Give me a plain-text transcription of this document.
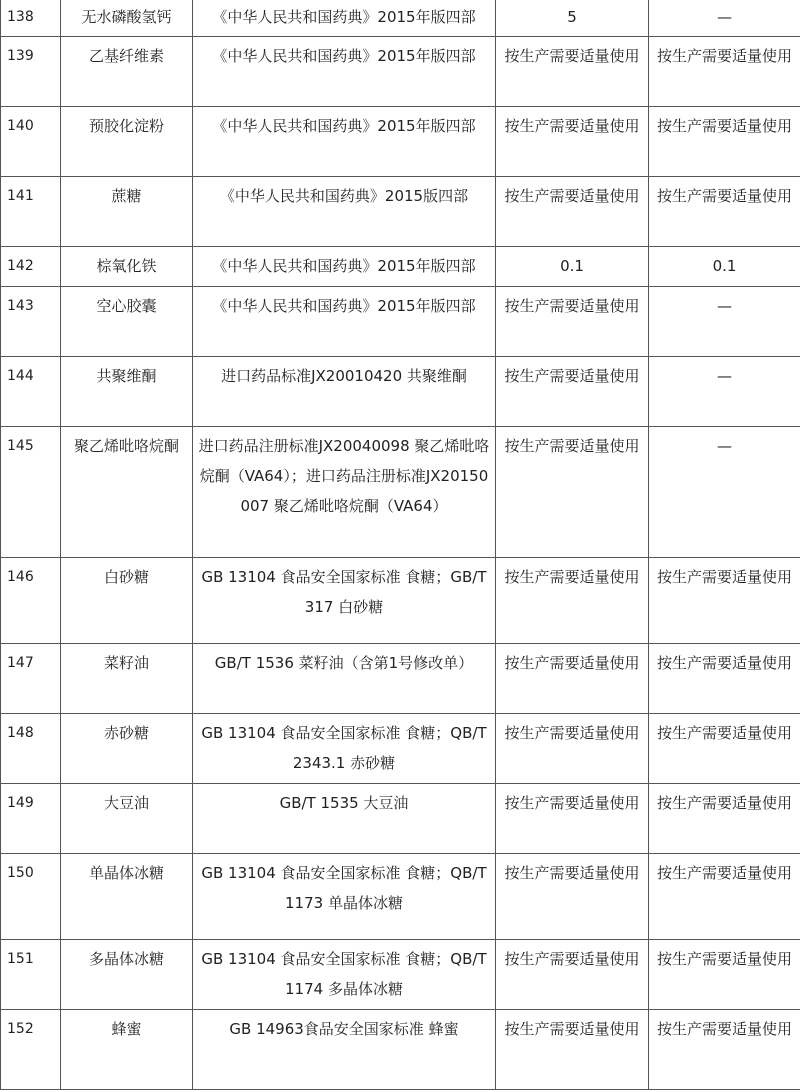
138	无水磷酸氢钙	《中华人民共和国药典》2015年版四部	5	—
139	乙基纤维素	《中华人民共和国药典》2015年版四部	按生产需要适量使用	按生产需要适量使用
140	预胶化淀粉	《中华人民共和国药典》2015年版四部	按生产需要适量使用	按生产需要适量使用
141	蔗糖	《中华人民共和国药典》2015版四部	按生产需要适量使用	按生产需要适量使用
142	棕氧化铁	《中华人民共和国药典》2015年版四部	0.1	0.1
143	空心胶囊	《中华人民共和国药典》2015年版四部	按生产需要适量使用	—
144	共聚维酮	进口药品标准JX20010420 共聚维酮	按生产需要适量使用	—
145	聚乙烯吡咯烷酮	进口药品注册标准JX20040098 聚乙烯吡咯烷酮（VA64）；进口药品注册标准JX20150007 聚乙烯吡咯烷酮（VA64）	按生产需要适量使用	—
146	白砂糖	GB 13104 食品安全国家标准 食糖；GB/T 317 白砂糖	按生产需要适量使用	按生产需要适量使用
147	菜籽油	GB/T 1536 菜籽油（含第1号修改单）	按生产需要适量使用	按生产需要适量使用
148	赤砂糖	GB 13104 食品安全国家标准 食糖；QB/T 2343.1 赤砂糖	按生产需要适量使用	按生产需要适量使用
149	大豆油	GB/T 1535 大豆油	按生产需要适量使用	按生产需要适量使用
150	单晶体冰糖	GB 13104 食品安全国家标准 食糖；QB/T 1173 单晶体冰糖	按生产需要适量使用	按生产需要适量使用
151	多晶体冰糖	GB 13104 食品安全国家标准 食糖；QB/T 1174 多晶体冰糖	按生产需要适量使用	按生产需要适量使用
152	蜂蜜	GB 14963食品安全国家标准 蜂蜜	按生产需要适量使用	按生产需要适量使用
